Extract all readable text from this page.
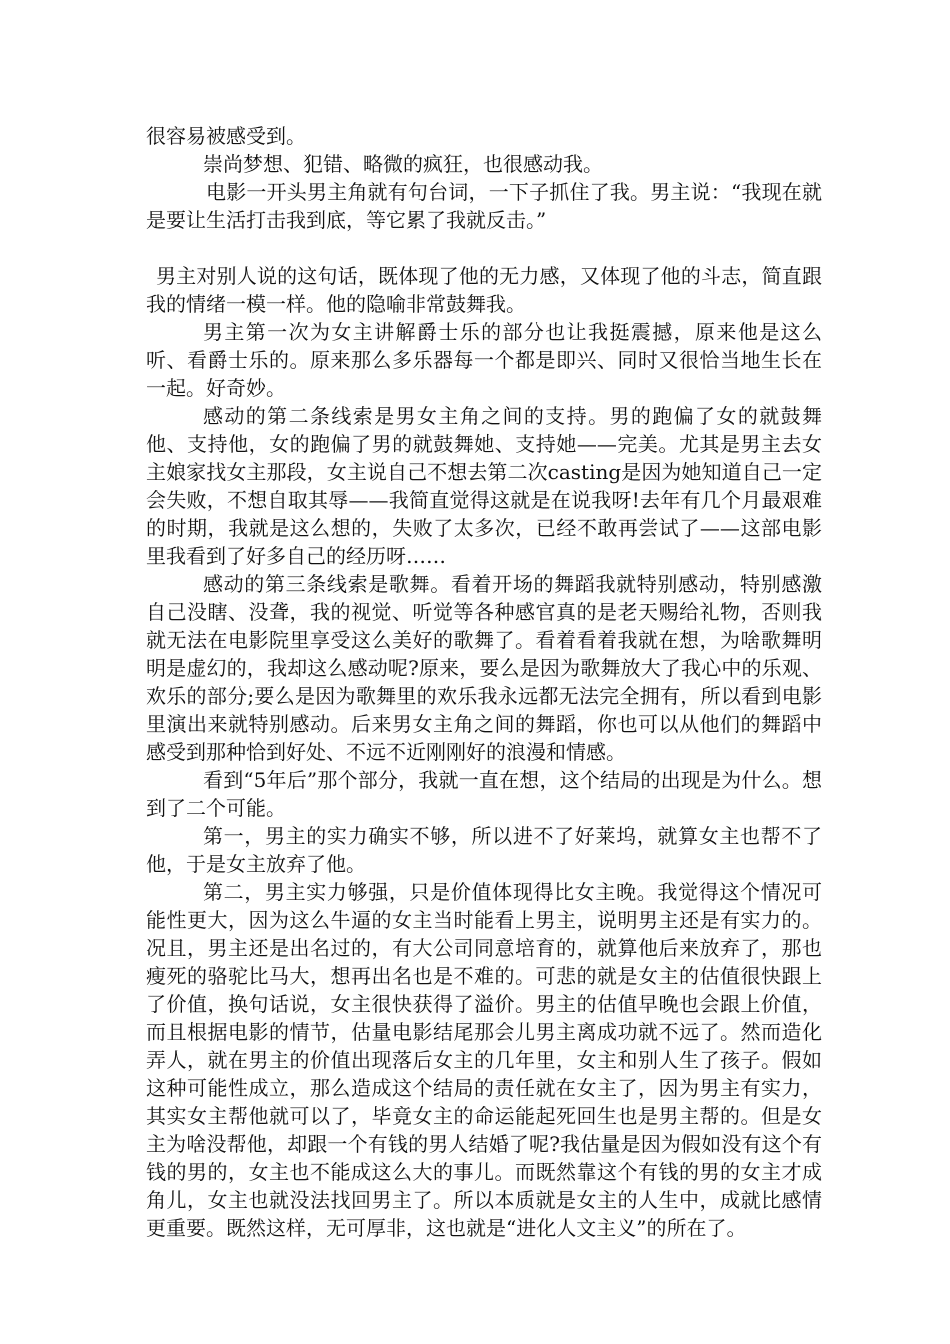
很容易被感受到。

崇尚梦想、犯错、略微的疯狂，也很感动我。

电影一开头男主角就有句台词，一下子抓住了我。男主说：“我现在就是要让生活打击我到底，等它累了我就反击。”

男主对别人说的这句话，既体现了他的无力感，又体现了他的斗志，简直跟我的情绪一模一样。他的隐喻非常鼓舞我。

男主第一次为女主讲解爵士乐的部分也让我挺震撼，原来他是这么听、看爵士乐的。原来那么多乐器每一个都是即兴、同时又很恰当地生长在一起。好奇妙。

感动的第二条线索是男女主角之间的支持。男的跑偏了女的就鼓舞他、支持他，女的跑偏了男的就鼓舞她、支持她——完美。尤其是男主去女主娘家找女主那段，女主说自己不想去第二次casting是因为她知道自己一定会失败，不想自取其辱——我简直觉得这就是在说我呀!去年有几个月最艰难的时期，我就是这么想的，失败了太多次，已经不敢再尝试了——这部电影里我看到了好多自己的经历呀……

感动的第三条线索是歌舞。看着开场的舞蹈我就特别感动，特别感激自己没瞎、没聋，我的视觉、听觉等各种感官真的是老天赐给礼物，否则我就无法在电影院里享受这么美好的歌舞了。看着看着我就在想，为啥歌舞明明是虚幻的，我却这么感动呢?原来，要么是因为歌舞放大了我心中的乐观、欢乐的部分;要么是因为歌舞里的欢乐我永远都无法完全拥有，所以看到电影里演出来就特别感动。后来男女主角之间的舞蹈，你也可以从他们的舞蹈中感受到那种恰到好处、不远不近刚刚好的浪漫和情感。

看到“5年后”那个部分，我就一直在想，这个结局的出现是为什么。想到了二个可能。

第一，男主的实力确实不够，所以进不了好莱坞，就算女主也帮不了他，于是女主放弃了他。

第二，男主实力够强，只是价值体现得比女主晚。我觉得这个情况可能性更大，因为这么牛逼的女主当时能看上男主，说明男主还是有实力的。况且，男主还是出名过的，有大公司同意培育的，就算他后来放弃了，那也瘦死的骆驼比马大，想再出名也是不难的。可悲的就是女主的估值很快跟上了价值，换句话说，女主很快获得了溢价。男主的估值早晚也会跟上价值，而且根据电影的情节，估量电影结尾那会儿男主离成功就不远了。然而造化弄人，就在男主的价值出现落后女主的几年里，女主和别人生了孩子。假如这种可能性成立，那么造成这个结局的责任就在女主了，因为男主有实力，其实女主帮他就可以了，毕竟女主的命运能起死回生也是男主帮的。但是女主为啥没帮他，却跟一个有钱的男人结婚了呢?我估量是因为假如没有这个有钱的男的，女主也不能成这么大的事儿。而既然靠这个有钱的男的女主才成角儿，女主也就没法找回男主了。所以本质就是女主的人生中，成就比感情更重要。既然这样，无可厚非，这也就是“进化人文主义”的所在了。
